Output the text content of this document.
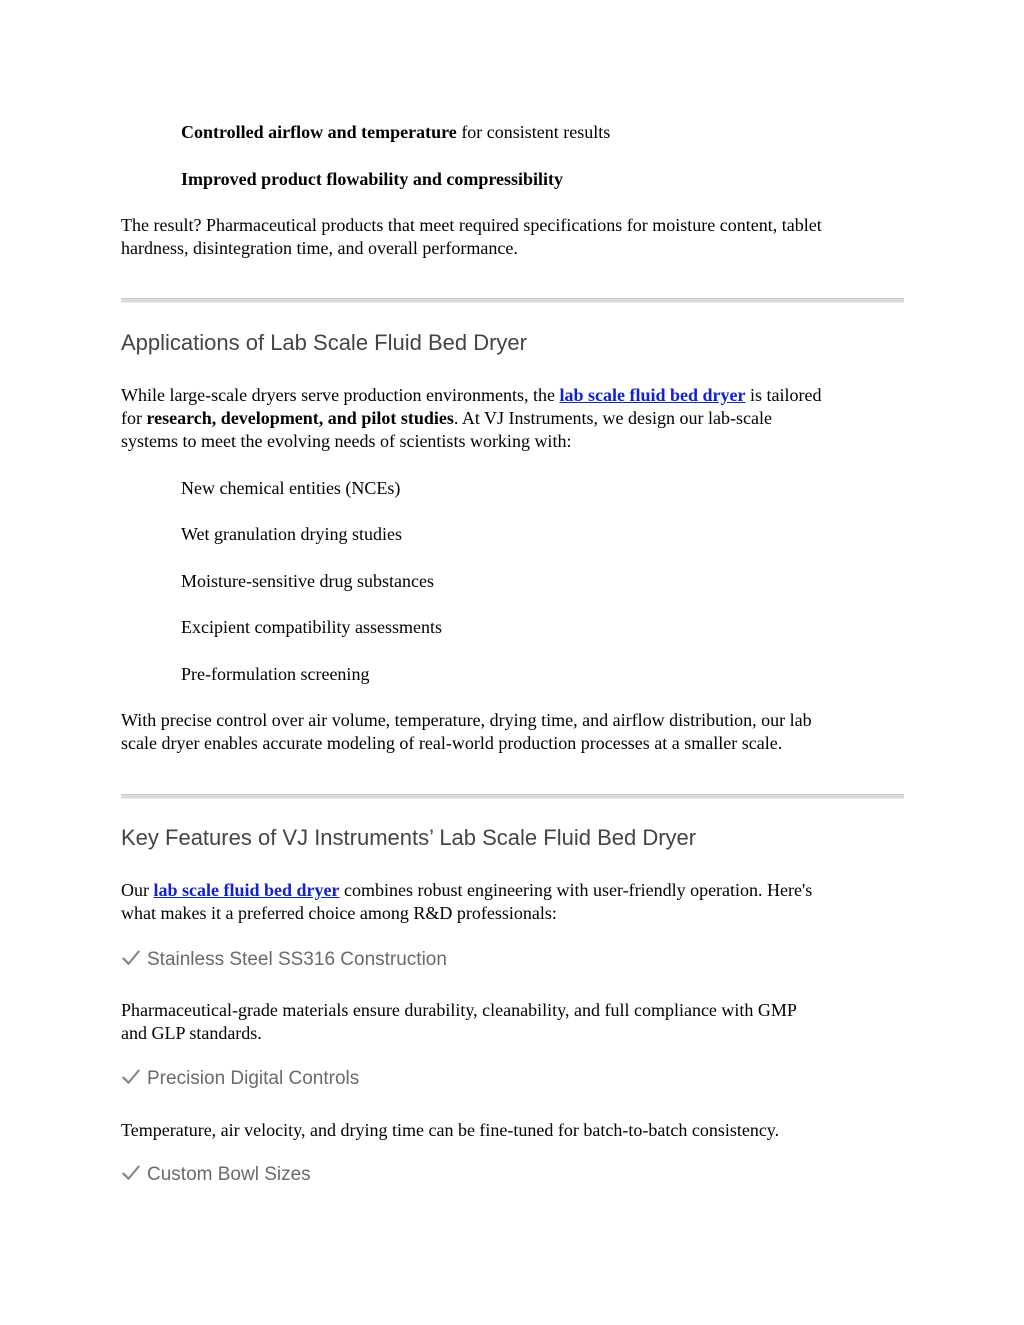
Controlled airflow and temperature for consistent results
Improved product flowability and compressibility
The result? Pharmaceutical products that meet required specifications for moisture content, tablet
hardness, disintegration time, and overall performance.
Applications of Lab Scale Fluid Bed Dryer
While large-scale dryers serve production environments, the lab scale fluid bed dryer is tailored
for research, development, and pilot studies. At VJ Instruments, we design our lab-scale
systems to meet the evolving needs of scientists working with:
New chemical entities (NCEs)
Wet granulation drying studies
Moisture-sensitive drug substances
Excipient compatibility assessments
Pre-formulation screening
With precise control over air volume, temperature, drying time, and airflow distribution, our lab
scale dryer enables accurate modeling of real-world production processes at a smaller scale.
Key Features of VJ Instruments’ Lab Scale Fluid Bed Dryer
Our lab scale fluid bed dryer combines robust engineering with user-friendly operation. Here's
what makes it a preferred choice among R&D professionals:
Stainless Steel SS316 Construction
Pharmaceutical-grade materials ensure durability, cleanability, and full compliance with GMP
and GLP standards.
Precision Digital Controls
Temperature, air velocity, and drying time can be fine-tuned for batch-to-batch consistency.
Custom Bowl Sizes
